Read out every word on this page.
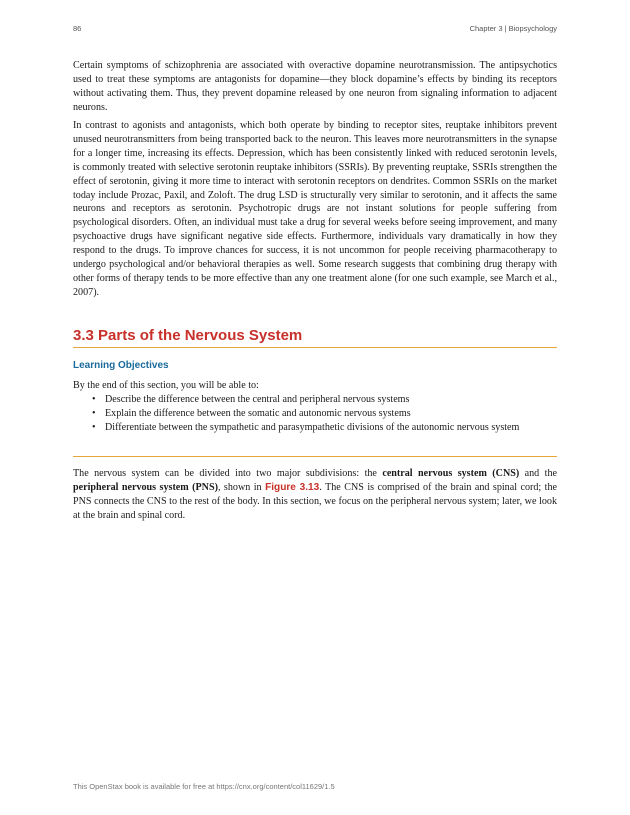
86	Chapter 3 | Biopsychology

Certain symptoms of schizophrenia are associated with overactive dopamine neurotransmission. The antipsychotics used to treat these symptoms are antagonists for dopamine—they block dopamine’s effects by binding its receptors without activating them. Thus, they prevent dopamine released by one neuron from signaling information to adjacent neurons.

In contrast to agonists and antagonists, which both operate by binding to receptor sites, reuptake inhibitors prevent unused neurotransmitters from being transported back to the neuron. This leaves more neurotransmitters in the synapse for a longer time, increasing its effects. Depression, which has been consistently linked with reduced serotonin levels, is commonly treated with selective serotonin reuptake inhibitors (SSRIs). By preventing reuptake, SSRIs strengthen the effect of serotonin, giving it more time to interact with serotonin receptors on dendrites. Common SSRIs on the market today include Prozac, Paxil, and Zoloft. The drug LSD is structurally very similar to serotonin, and it affects the same neurons and receptors as serotonin. Psychotropic drugs are not instant solutions for people suffering from psychological disorders. Often, an individual must take a drug for several weeks before seeing improvement, and many psychoactive drugs have significant negative side effects. Furthermore, individuals vary dramatically in how they respond to the drugs. To improve chances for success, it is not uncommon for people receiving pharmacotherapy to undergo psychological and/or behavioral therapies as well. Some research suggests that combining drug therapy with other forms of therapy tends to be more effective than any one treatment alone (for one such example, see March et al., 2007).

3.3 Parts of the Nervous System
Learning Objectives
By the end of this section, you will be able to:
• Describe the difference between the central and peripheral nervous systems
• Explain the difference between the somatic and autonomic nervous systems
• Differentiate between the sympathetic and parasympathetic divisions of the autonomic nervous system

The nervous system can be divided into two major subdivisions: the central nervous system (CNS) and the peripheral nervous system (PNS), shown in Figure 3.13. The CNS is comprised of the brain and spinal cord; the PNS connects the CNS to the rest of the body. In this section, we focus on the peripheral nervous system; later, we look at the brain and spinal cord.

This OpenStax book is available for free at https://cnx.org/content/col11629/1.5
